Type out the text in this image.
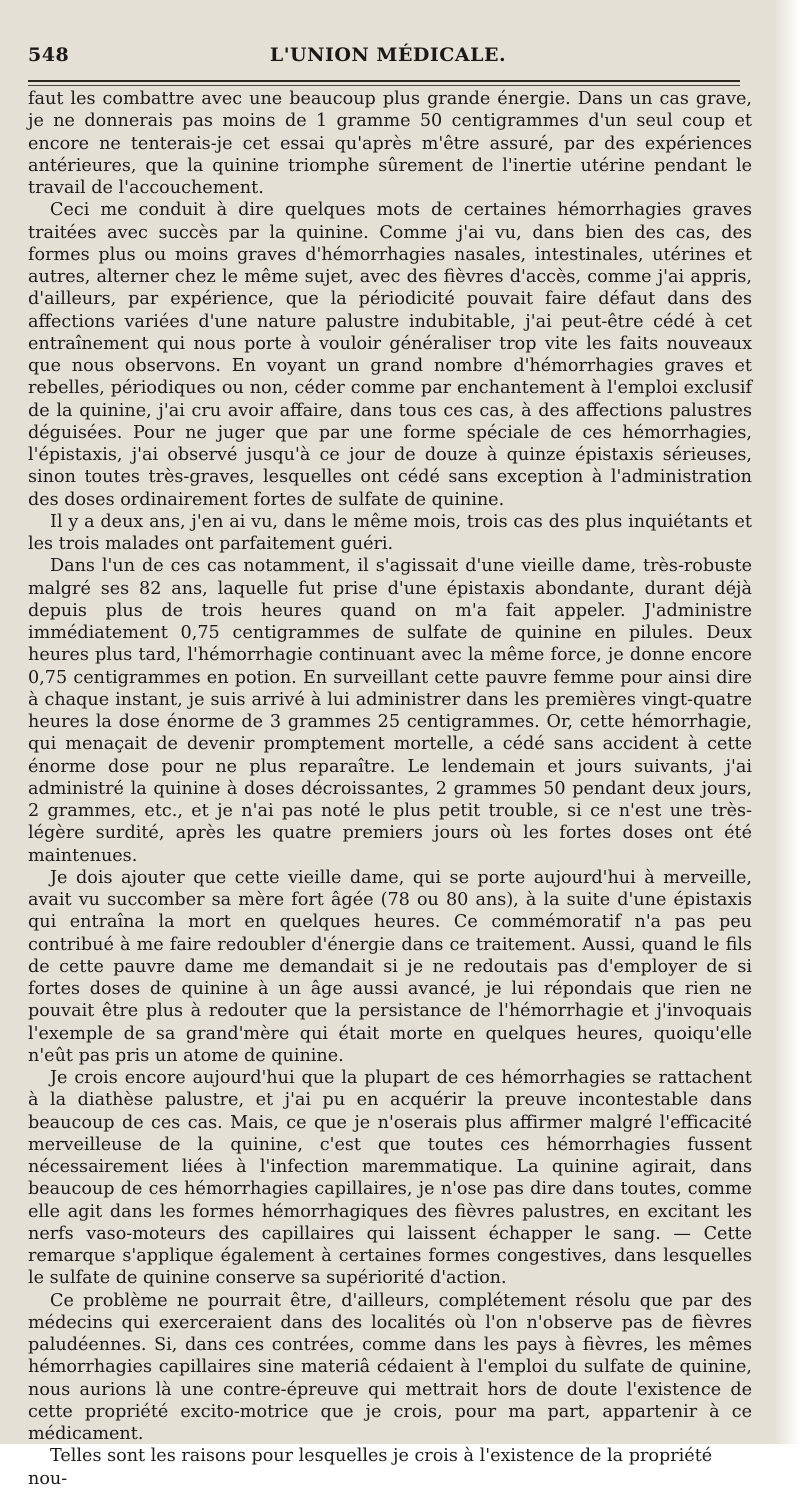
548	L'UNION MÉDICALE.

faut les combattre avec une beaucoup plus grande énergie. Dans un cas grave, je ne donnerais pas moins de 1 gramme 50 centigrammes d'un seul coup et encore ne tenterais-je cet essai qu'après m'être assuré, par des expériences antérieures, que la quinine triomphe sûrement de l'inertie utérine pendant le travail de l'accouchement.

Ceci me conduit à dire quelques mots de certaines hémorrhagies graves traitées avec succès par la quinine. Comme j'ai vu, dans bien des cas, des formes plus ou moins graves d'hémorrhagies nasales, intestinales, utérines et autres, alterner chez le même sujet, avec des fièvres d'accès, comme j'ai appris, d'ailleurs, par expérience, que la périodicité pouvait faire défaut dans des affections variées d'une nature palustre indubitable, j'ai peut-être cédé à cet entraînement qui nous porte à vouloir généraliser trop vite les faits nouveaux que nous observons. En voyant un grand nombre d'hémorrhagies graves et rebelles, périodiques ou non, céder comme par enchantement à l'emploi exclusif de la quinine, j'ai cru avoir affaire, dans tous ces cas, à des affections palustres déguisées. Pour ne juger que par une forme spéciale de ces hémorrhagies, l'épistaxis, j'ai observé jusqu'à ce jour de douze à quinze épistaxis sérieuses, sinon toutes très-graves, lesquelles ont cédé sans exception à l'administration des doses ordinairement fortes de sulfate de quinine.

Il y a deux ans, j'en ai vu, dans le même mois, trois cas des plus inquiétants et les trois malades ont parfaitement guéri.

Dans l'un de ces cas notamment, il s'agissait d'une vieille dame, très-robuste malgré ses 82 ans, laquelle fut prise d'une épistaxis abondante, durant déjà depuis plus de trois heures quand on m'a fait appeler. J'administre immédiatement 0,75 centigrammes de sulfate de quinine en pilules. Deux heures plus tard, l'hémorrhagie continuant avec la même force, je donne encore 0,75 centigrammes en potion. En surveillant cette pauvre femme pour ainsi dire à chaque instant, je suis arrivé à lui administrer dans les premières vingt-quatre heures la dose énorme de 3 grammes 25 centigrammes. Or, cette hémorrhagie, qui menaçait de devenir promptement mortelle, a cédé sans accident à cette énorme dose pour ne plus reparaître. Le lendemain et jours suivants, j'ai administré la quinine à doses décroissantes, 2 grammes 50 pendant deux jours, 2 grammes, etc., et je n'ai pas noté le plus petit trouble, si ce n'est une très-légère surdité, après les quatre premiers jours où les fortes doses ont été maintenues.

Je dois ajouter que cette vieille dame, qui se porte aujourd'hui à merveille, avait vu succomber sa mère fort âgée (78 ou 80 ans), à la suite d'une épistaxis qui entraîna la mort en quelques heures. Ce commémoratif n'a pas peu contribué à me faire redoubler d'énergie dans ce traitement. Aussi, quand le fils de cette pauvre dame me demandait si je ne redoutais pas d'employer de si fortes doses de quinine à un âge aussi avancé, je lui répondais que rien ne pouvait être plus à redouter que la persistance de l'hémorrhagie et j'invoquais l'exemple de sa grand'mère qui était morte en quelques heures, quoiqu'elle n'eût pas pris un atome de quinine.

Je crois encore aujourd'hui que la plupart de ces hémorrhagies se rattachent à la diathèse palustre, et j'ai pu en acquérir la preuve incontestable dans beaucoup de ces cas. Mais, ce que je n'oserais plus affirmer malgré l'efficacité merveilleuse de la quinine, c'est que toutes ces hémorrhagies fussent nécessairement liées à l'infection maremmatique. La quinine agirait, dans beaucoup de ces hémorrhagies capillaires, je n'ose pas dire dans toutes, comme elle agit dans les formes hémorrhagiques des fièvres palustres, en excitant les nerfs vaso-moteurs des capillaires qui laissent échapper le sang. — Cette remarque s'applique également à certaines formes congestives, dans lesquelles le sulfate de quinine conserve sa supériorité d'action.

Ce problème ne pourrait être, d'ailleurs, complétement résolu que par des médecins qui exerceraient dans des localités où l'on n'observe pas de fièvres paludéennes. Si, dans ces contrées, comme dans les pays à fièvres, les mêmes hémorrhagies capillaires sine materiâ cédaient à l'emploi du sulfate de quinine, nous aurions là une contre-épreuve qui mettrait hors de doute l'existence de cette propriété excito-motrice que je crois, pour ma part, appartenir à ce médicament.

Telles sont les raisons pour lesquelles je crois à l'existence de la propriété nou-
